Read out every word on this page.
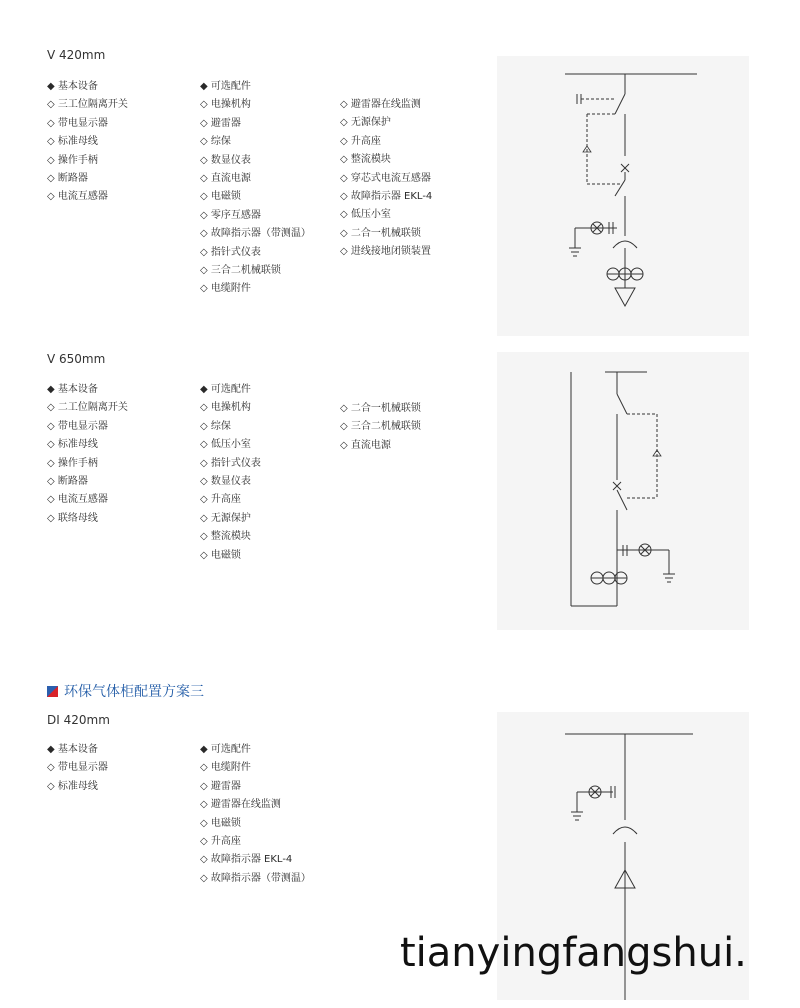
V 420mm
◆ 基本设备
◇ 三工位隔离开关
◇ 带电显示器
◇ 标准母线
◇ 操作手柄
◇ 断路器
◇ 电流互感器
◆ 可选配件
◇ 电操机构
◇ 避雷器
◇ 综保
◇ 数显仪表
◇ 直流电源
◇ 电磁锁
◇ 零序互感器
◇ 故障指示器（带测温）
◇ 指针式仪表
◇ 三合二机械联锁
◇ 电缆附件
◇ 避雷器在线监测
◇ 无源保护
◇ 升高座
◇ 整流模块
◇ 穿芯式电流互感器
◇ 故障指示器 EKL-4
◇ 低压小室
◇ 二合一机械联锁
◇ 进线接地闭锁装置
V 650mm
◆ 基本设备
◇ 二工位隔离开关
◇ 带电显示器
◇ 标准母线
◇ 操作手柄
◇ 断路器
◇ 电流互感器
◇ 联络母线
◆ 可选配件
◇ 电操机构
◇ 综保
◇ 低压小室
◇ 指针式仪表
◇ 数显仪表
◇ 升高座
◇ 无源保护
◇ 整流模块
◇ 电磁锁
◇ 二合一机械联锁
◇ 三合二机械联锁
◇ 直流电源
环保气体柜配置方案三
DI 420mm
◆ 基本设备
◇ 带电显示器
◇ 标准母线
◆ 可选配件
◇ 电缆附件
◇ 避雷器
◇ 避雷器在线监测
◇ 电磁锁
◇ 升高座
◇ 故障指示器 EKL-4
◇ 故障指示器（带测温）
tianyingfangshui.
